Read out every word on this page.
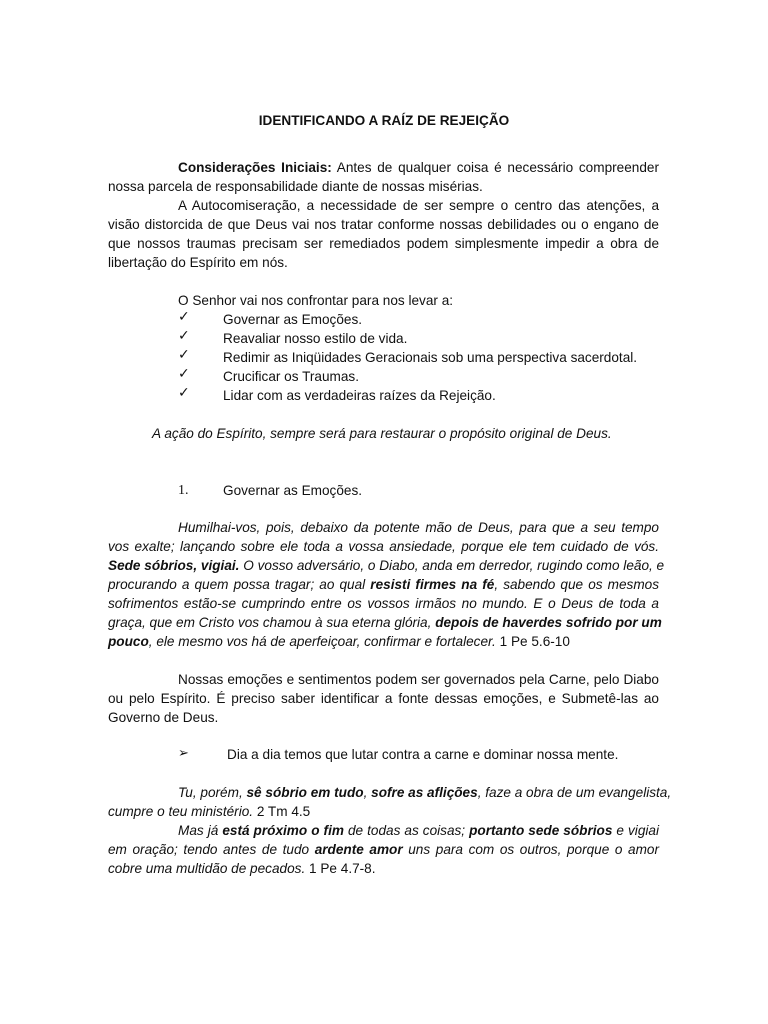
IDENTIFICANDO A RAÍZ DE REJEIÇÃO
Considerações Iniciais: Antes de qualquer coisa é necessário compreender
nossa parcela de responsabilidade diante de nossas misérias.
A Autocomiseração, a necessidade de ser sempre o centro das atenções, a
visão distorcida de que Deus vai nos tratar conforme nossas debilidades ou o engano de
que nossos traumas precisam ser remediados podem simplesmente impedir a obra de
libertação do Espírito em nós.
O Senhor vai nos confrontar para nos levar a:
✓ Governar as Emoções.
✓ Reavaliar nosso estilo de vida.
✓ Redimir as Iniqüidades Geracionais sob uma perspectiva sacerdotal.
✓ Crucificar os Traumas.
✓ Lidar com as verdadeiras raízes da Rejeição.
A ação do Espírito, sempre será para restaurar o propósito original de Deus.
1.	Governar as Emoções.
Humilhai-vos, pois, debaixo da potente mão de Deus, para que a seu tempo
vos exalte; lançando sobre ele toda a vossa ansiedade, porque ele tem cuidado de vós.
Sede sóbrios, vigiai. O vosso adversário, o Diabo, anda em derredor, rugindo como leão, e
procurando a quem possa tragar; ao qual resisti firmes na fé, sabendo que os mesmos
sofrimentos estão-se cumprindo entre os vossos irmãos no mundo. E o Deus de toda a
graça, que em Cristo vos chamou à sua eterna glória, depois de haverdes sofrido por um
pouco, ele mesmo vos há de aperfeiçoar, confirmar e fortalecer. 1 Pe 5.6-10
Nossas emoções e sentimentos podem ser governados pela Carne, pelo Diabo
ou pelo Espírito. É preciso saber identificar a fonte dessas emoções, e Submetê-las ao
Governo de Deus.
➢	Dia a dia temos que lutar contra a carne e dominar nossa mente.
Tu, porém, sê sóbrio em tudo, sofre as aflições, faze a obra de um evangelista,
cumpre o teu ministério. 2 Tm 4.5
Mas já está próximo o fim de todas as coisas; portanto sede sóbrios e vigiai
em oração; tendo antes de tudo ardente amor uns para com os outros, porque o amor
cobre uma multidão de pecados. 1 Pe 4.7-8.
